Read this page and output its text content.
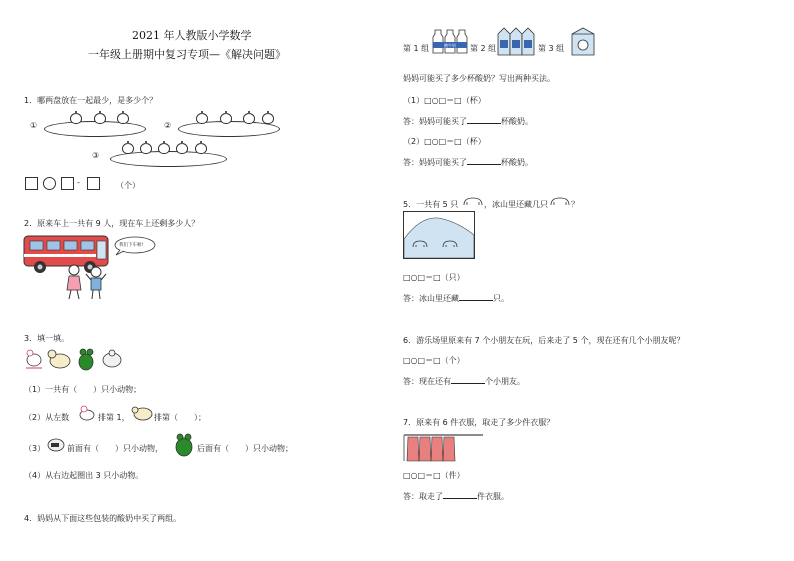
2021 年人教版小学数学
一年级上册期中复习专项—《解决问题》
1．哪两盘放在一起最少，是多少个？
①	②
③
-	（个）
2．原来车上一共有 9 人，现在车上还剩多少人？
我们下车啦!
3．填一填。
（1）一共有（　　）只小动物；
（2）从左数	排第 1，	排第（　　）；
（3）	前面有（　　）只小动物，	后面有（　　）只小动物；
（4）从右边起圈出 3 只小动物。
4．妈妈从下面这些包装的酸奶中买了两组。
第 1 组	酸牛奶 第 2 组	第 3 组
妈妈可能买了多少杯酸奶？写出两种买法。
（1）□○□＝□（杯）
答：妈妈可能买了	杯酸奶。
（2）□○□＝□（杯）
答：妈妈可能买了	杯酸奶。
5．一共有 5 只	，冰山里还藏几只	？
□○□＝□（只）
答：冰山里还藏	只。
6．游乐场里原来有 7 个小朋友在玩，后来走了 5 个，现在还有几个小朋友呢？
□○□＝□（个）
答：现在还有	个小朋友。
7．原来有 6 件衣服，取走了多少件衣服？
□○□＝□（件）
答：取走了	件衣服。
